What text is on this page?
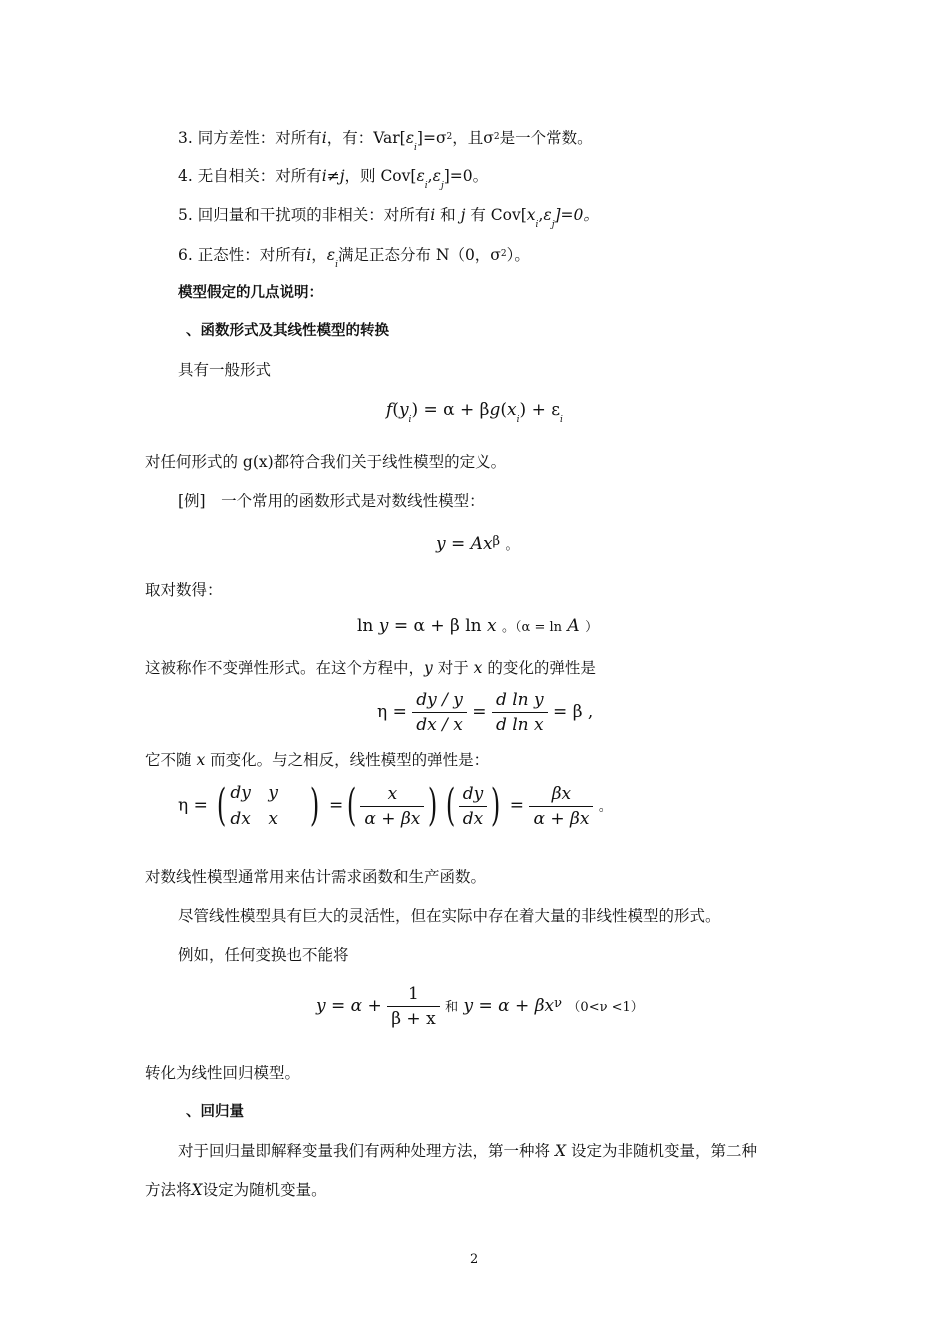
3. 同方差性：对所有i，有：$Var[\varepsilon_i]=\sigma^2$，且$\sigma^2$是一个常数。
4. 无自相关：对所有i≠j，则 $Cov[\varepsilon_i,\varepsilon_j]=0$。
5. 回归量和干扰项的非相关：对所有i 和 j 有 $Cov[x_i,\varepsilon_j]=0$。
6. 正态性：对所有i，$\varepsilon_i$满足正态分布 N（0，$\sigma^2$）。
模型假定的几点说明：
、函数形式及其线性模型的转换
具有一般形式
$f(y_i) = \alpha + \beta g(x_i) + \varepsilon_i$
对任何形式的 g(x)都符合我们关于线性模型的定义。
[例]　一个常用的函数形式是对数线性模型：
$y = Ax^\beta$ 。
取对数得：
ln y = α + β ln x 。（α = ln A ）
这被称作不变弹性形式。在这个方程中，y 对于 x 的变化的弹性是
$\eta = \frac{dy / y}{dx / x} = \frac{\text{d ln y}}{\text{d ln x}} = \beta$ ,
它不随 x 而变化。与之相反，线性模型的弹性是：
η = ( dy y
dx x ) =( $\frac{x}{\alpha + \beta x}$ ) ( $\frac{dy}{dx}$ ) = $\frac{\beta x}{\alpha + \beta x}$ 。
对数线性模型通常用来估计需求函数和生产函数。
尽管线性模型具有巨大的灵活性，但在实际中存在着大量的非线性模型的形式。
例如，任何变换也不能将
$y = \alpha + \frac{1}{\beta + x}$ 和 $y = \alpha + \beta x^\nu$ （0<ν <1）
转化为线性回归模型。
、回归量
对于回归量即解释变量我们有两种处理方法，第一种将 X 设定为非随机变量，第二种
方法将X设定为随机变量。
2
